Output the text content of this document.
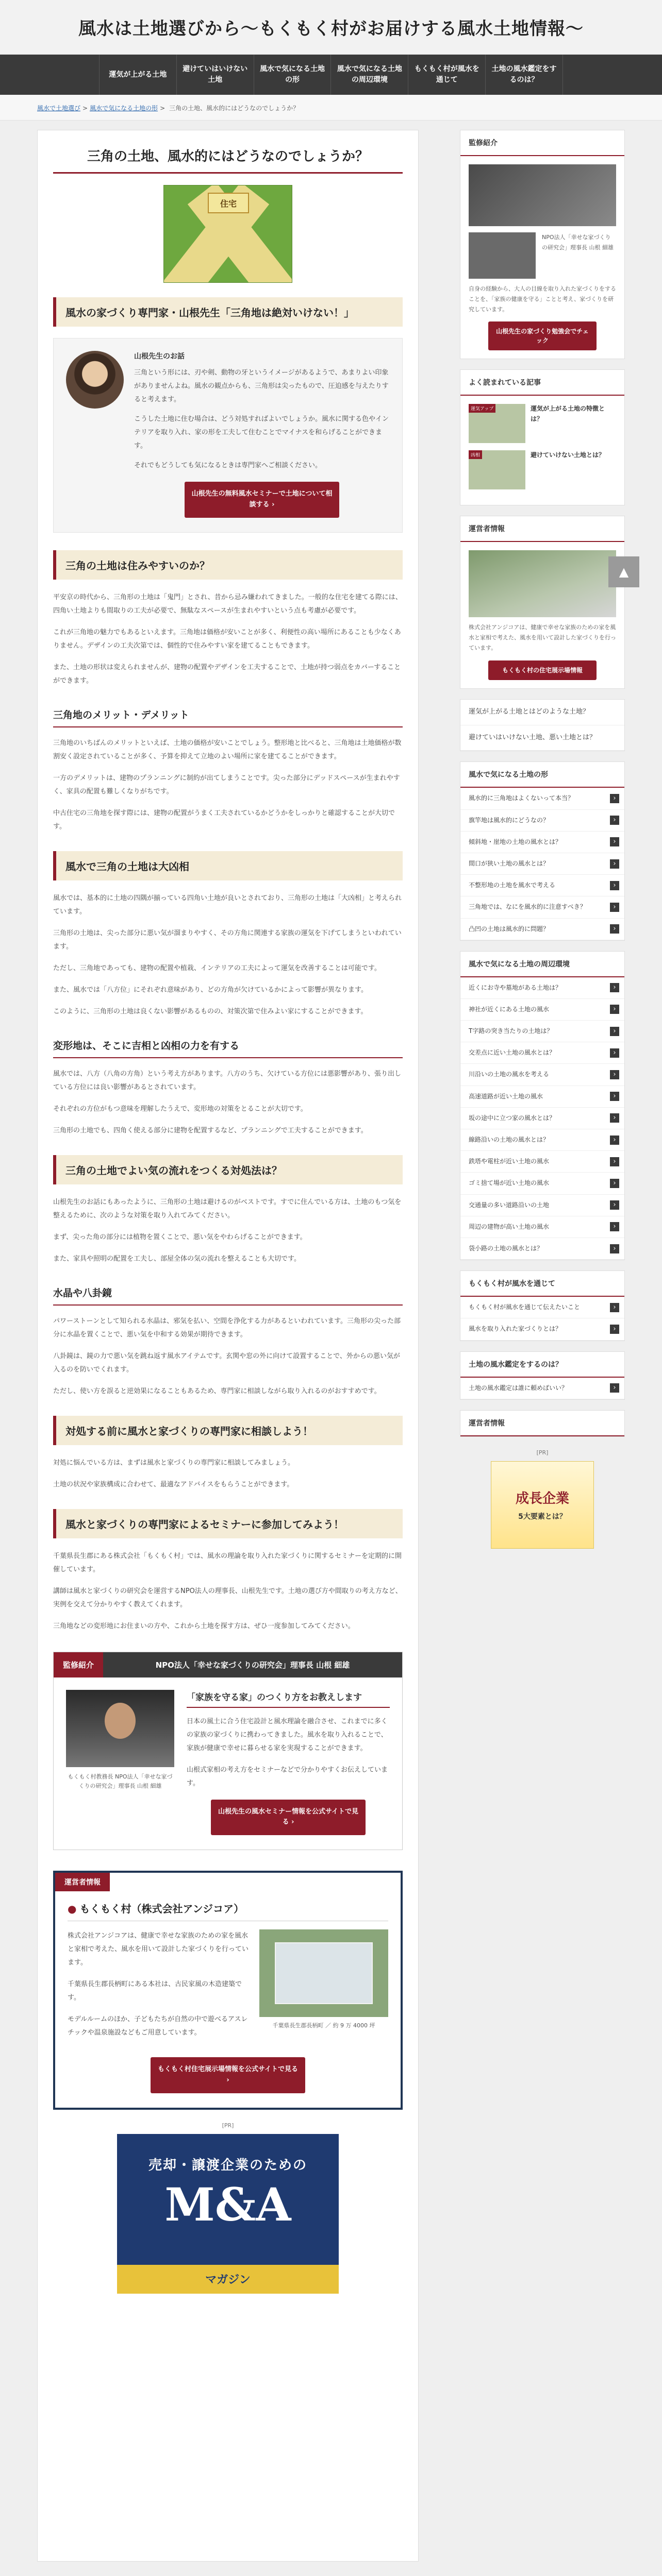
風水は土地選びから〜もくもく村がお届けする風水土地情報〜
運気が上がる土地
避けていはいけない土地
風水で気になる土地の形
風水で気になる土地の周辺環境
もくもく村が風水を通じて
土地の風水鑑定をするのは？
風水で土地選び > 風水で気になる土地の形 > 三角の土地、風水的にはどうなのでしょうか？
三角の土地、風水的にはどうなのでしょうか？
住宅
風水の家づくり専門家・山根先生「三角地は絶対いけない！」
山根先生のお話

三角という形には、刃や剣、動物の牙というイメージがあるようで、あまりよい印象がありませんよね。風水の観点からも、三角形は尖ったもので、圧迫感を与えたりすると考えます。

こうした土地に住む場合は、どう対処すればよいでしょうか。風水に関する色やインテリアを取り入れ、家の形を工夫して住むことでマイナスを和らげることができます。

それでもどうしても気になるときは専門家へご相談ください。

山根先生の無料風水セミナーで土地について相談する ›
三角の土地は住みやすいのか？

平安京の時代から、三角形の土地は「鬼門」とされ、昔から忌み嫌われてきました。一般的な住宅を建てる際には、四角い土地よりも間取りの工夫が必要で、無駄なスペースが生まれやすいという点も考慮が必要です。

これが三角地の魅力でもあるといえます。三角地は価格が安いことが多く、利便性の高い場所にあることも少なくありません。デザインの工夫次第では、個性的で住みやすい家を建てることもできます。

また、土地の形状は変えられませんが、建物の配置やデザインを工夫することで、土地が持つ弱点をカバーすることができます。

三角地のメリット・デメリット

三角地のいちばんのメリットといえば、土地の価格が安いことでしょう。整形地と比べると、三角地は土地価格が数割安く設定されていることが多く、予算を抑えて立地のよい場所に家を建てることができます。

一方のデメリットは、建物のプランニングに制約が出てしまうことです。尖った部分にデッドスペースが生まれやすく、家具の配置も難しくなりがちです。

中古住宅の三角地を探す際には、建物の配置がうまく工夫されているかどうかをしっかりと確認することが大切です。

風水で三角の土地は大凶相

風水では、基本的に土地の四隅が揃っている四角い土地が良いとされており、三角形の土地は「大凶相」と考えられています。

三角形の土地は、尖った部分に悪い気が溜まりやすく、その方角に関連する家族の運気を下げてしまうといわれています。

ただし、三角地であっても、建物の配置や植栽、インテリアの工夫によって運気を改善することは可能です。

また、風水では「八方位」にそれぞれ意味があり、どの方角が欠けているかによって影響が異なります。

このように、三角形の土地は良くない影響があるものの、対策次第で住みよい家にすることができます。

変形地は、そこに吉相と凶相の力を有する

風水では、八方（八角の方角）という考え方があります。八方のうち、欠けている方位には悪影響があり、張り出している方位には良い影響があるとされています。

それぞれの方位がもつ意味を理解したうえで、変形地の対策をとることが大切です。

三角形の土地でも、四角く使える部分に建物を配置するなど、プランニングで工夫することができます。

三角の土地でよい気の流れをつくる対処法は？

山根先生のお話にもあったように、三角形の土地は避けるのがベストです。すでに住んでいる方は、土地のもつ気を整えるために、次のような対策を取り入れてみてください。

まず、尖った角の部分には植物を置くことで、悪い気をやわらげることができます。

また、家具や照明の配置を工夫し、部屋全体の気の流れを整えることも大切です。

水晶や八卦鏡

パワーストーンとして知られる水晶は、邪気を払い、空間を浄化する力があるといわれています。三角形の尖った部分に水晶を置くことで、悪い気を中和する効果が期待できます。

八卦鏡は、鏡の力で悪い気を跳ね返す風水アイテムです。玄関や窓の外に向けて設置することで、外からの悪い気が入るのを防いでくれます。

ただし、使い方を誤ると逆効果になることもあるため、専門家に相談しながら取り入れるのがおすすめです。

対処する前に風水と家づくりの専門家に相談しよう！

対処に悩んでいる方は、まずは風水と家づくりの専門家に相談してみましょう。

土地の状況や家族構成に合わせて、最適なアドバイスをもらうことができます。

風水と家づくりの専門家によるセミナーに参加してみよう！

千葉県長生郡にある株式会社「もくもく村」では、風水の理論を取り入れた家づくりに関するセミナーを定期的に開催しています。

講師は風水と家づくりの研究会を運営するNPO法人の理事長、山根先生です。土地の選び方や間取りの考え方など、実例を交えて分かりやすく教えてくれます。

三角地などの変形地にお住まいの方や、これから土地を探す方は、ぜひ一度参加してみてください。

監修紹介	NPO法人「幸せな家づくりの研究会」理事長 山根 細雄
もくもく村教務長 NPO法人「幸せな家づくりの研究会」理事長 山根 細雄
「家族を守る家」のつくり方をお教えします

日本の風土に合う住宅設計と風水理論を融合させ、これまでに多くの家族の家づくりに携わってきました。風水を取り入れることで、家族が健康で幸せに暮らせる家を実現することができます。

山根式家相の考え方をセミナーなどで分かりやすくお伝えしています。

山根先生の風水セミナー情報を公式サイトで見る ›
運営者情報
● もくもく村（株式会社アンジコア）

株式会社アンジコアは、健康で幸せな家族のための家を風水と家相で考えた、風水を用いて設計した家づくりを行っています。

千葉県長生郡長柄町にある本社は、古民家風の木造建築です。

モデルルームのほか、子どもたちが自然の中で遊べるアスレチックや温泉施設などもご用意しています。

千葉県長生郡長柄町 ／ 約 9 万 4000 坪
もくもく村住宅展示場情報を公式サイトで見る ›
[PR]
売却・譲渡企業のための
M&A
マガジン
監修紹介
NPO法人「幸せな家づくりの研究会」理事長 山根 細雄

自身の経験から、大人の目線を取り入れた家づくりをすることを、「家族の健康を守る」ことと考え、家づくりを研究しています。

山根先生の家づくり勉強会でチェック
よく読まれている記事
運気アップ	運気が上がる土地の特徴とは？
凶相	避けていけない土地とは？
運営者情報

株式会社アンジコアは、健康で幸せな家族のための家を風水と家相で考えた、風水を用いて設計した家づくりを行っています。

もくもく村の住宅展示場情報
運気が上がる土地とはどのような土地？
避けていはいけない土地、悪い土地とは？
風水で気になる土地の形
風水的に三角地はよくないって本当？ ›
旗竿地は風水的にどうなの？ ›
傾斜地・崖地の土地の風水とは？ ›
間口が狭い土地の風水とは？ ›
不整形地の土地を風水で考える ›
三角地では、なにを風水的に注意すべき？ ›
凸凹の土地は風水的に問題？ ›
風水で気になる土地の周辺環境
近くにお寺や墓地がある土地は？ ›
神社が近くにある土地の風水 ›
T字路の突き当たりの土地は？ ›
交差点に近い土地の風水とは？ ›
川沿いの土地の風水を考える ›
高速道路が近い土地の風水 ›
坂の途中に立つ家の風水とは？ ›
線路沿いの土地の風水とは？ ›
鉄塔や電柱が近い土地の風水 ›
ゴミ捨て場が近い土地の風水 ›
交通量の多い道路沿いの土地 ›
周辺の建物が高い土地の風水 ›
袋小路の土地の風水とは？ ›
もくもく村が風水を通じて
もくもく村が風水を通じて伝えたいこと ›
風水を取り入れた家づくりとは？ ›
土地の風水鑑定をするのは？
土地の風水鑑定は誰に頼めばいい？ ›
運営者情報
[PR]
成長企業
5大要素とは？
▲
